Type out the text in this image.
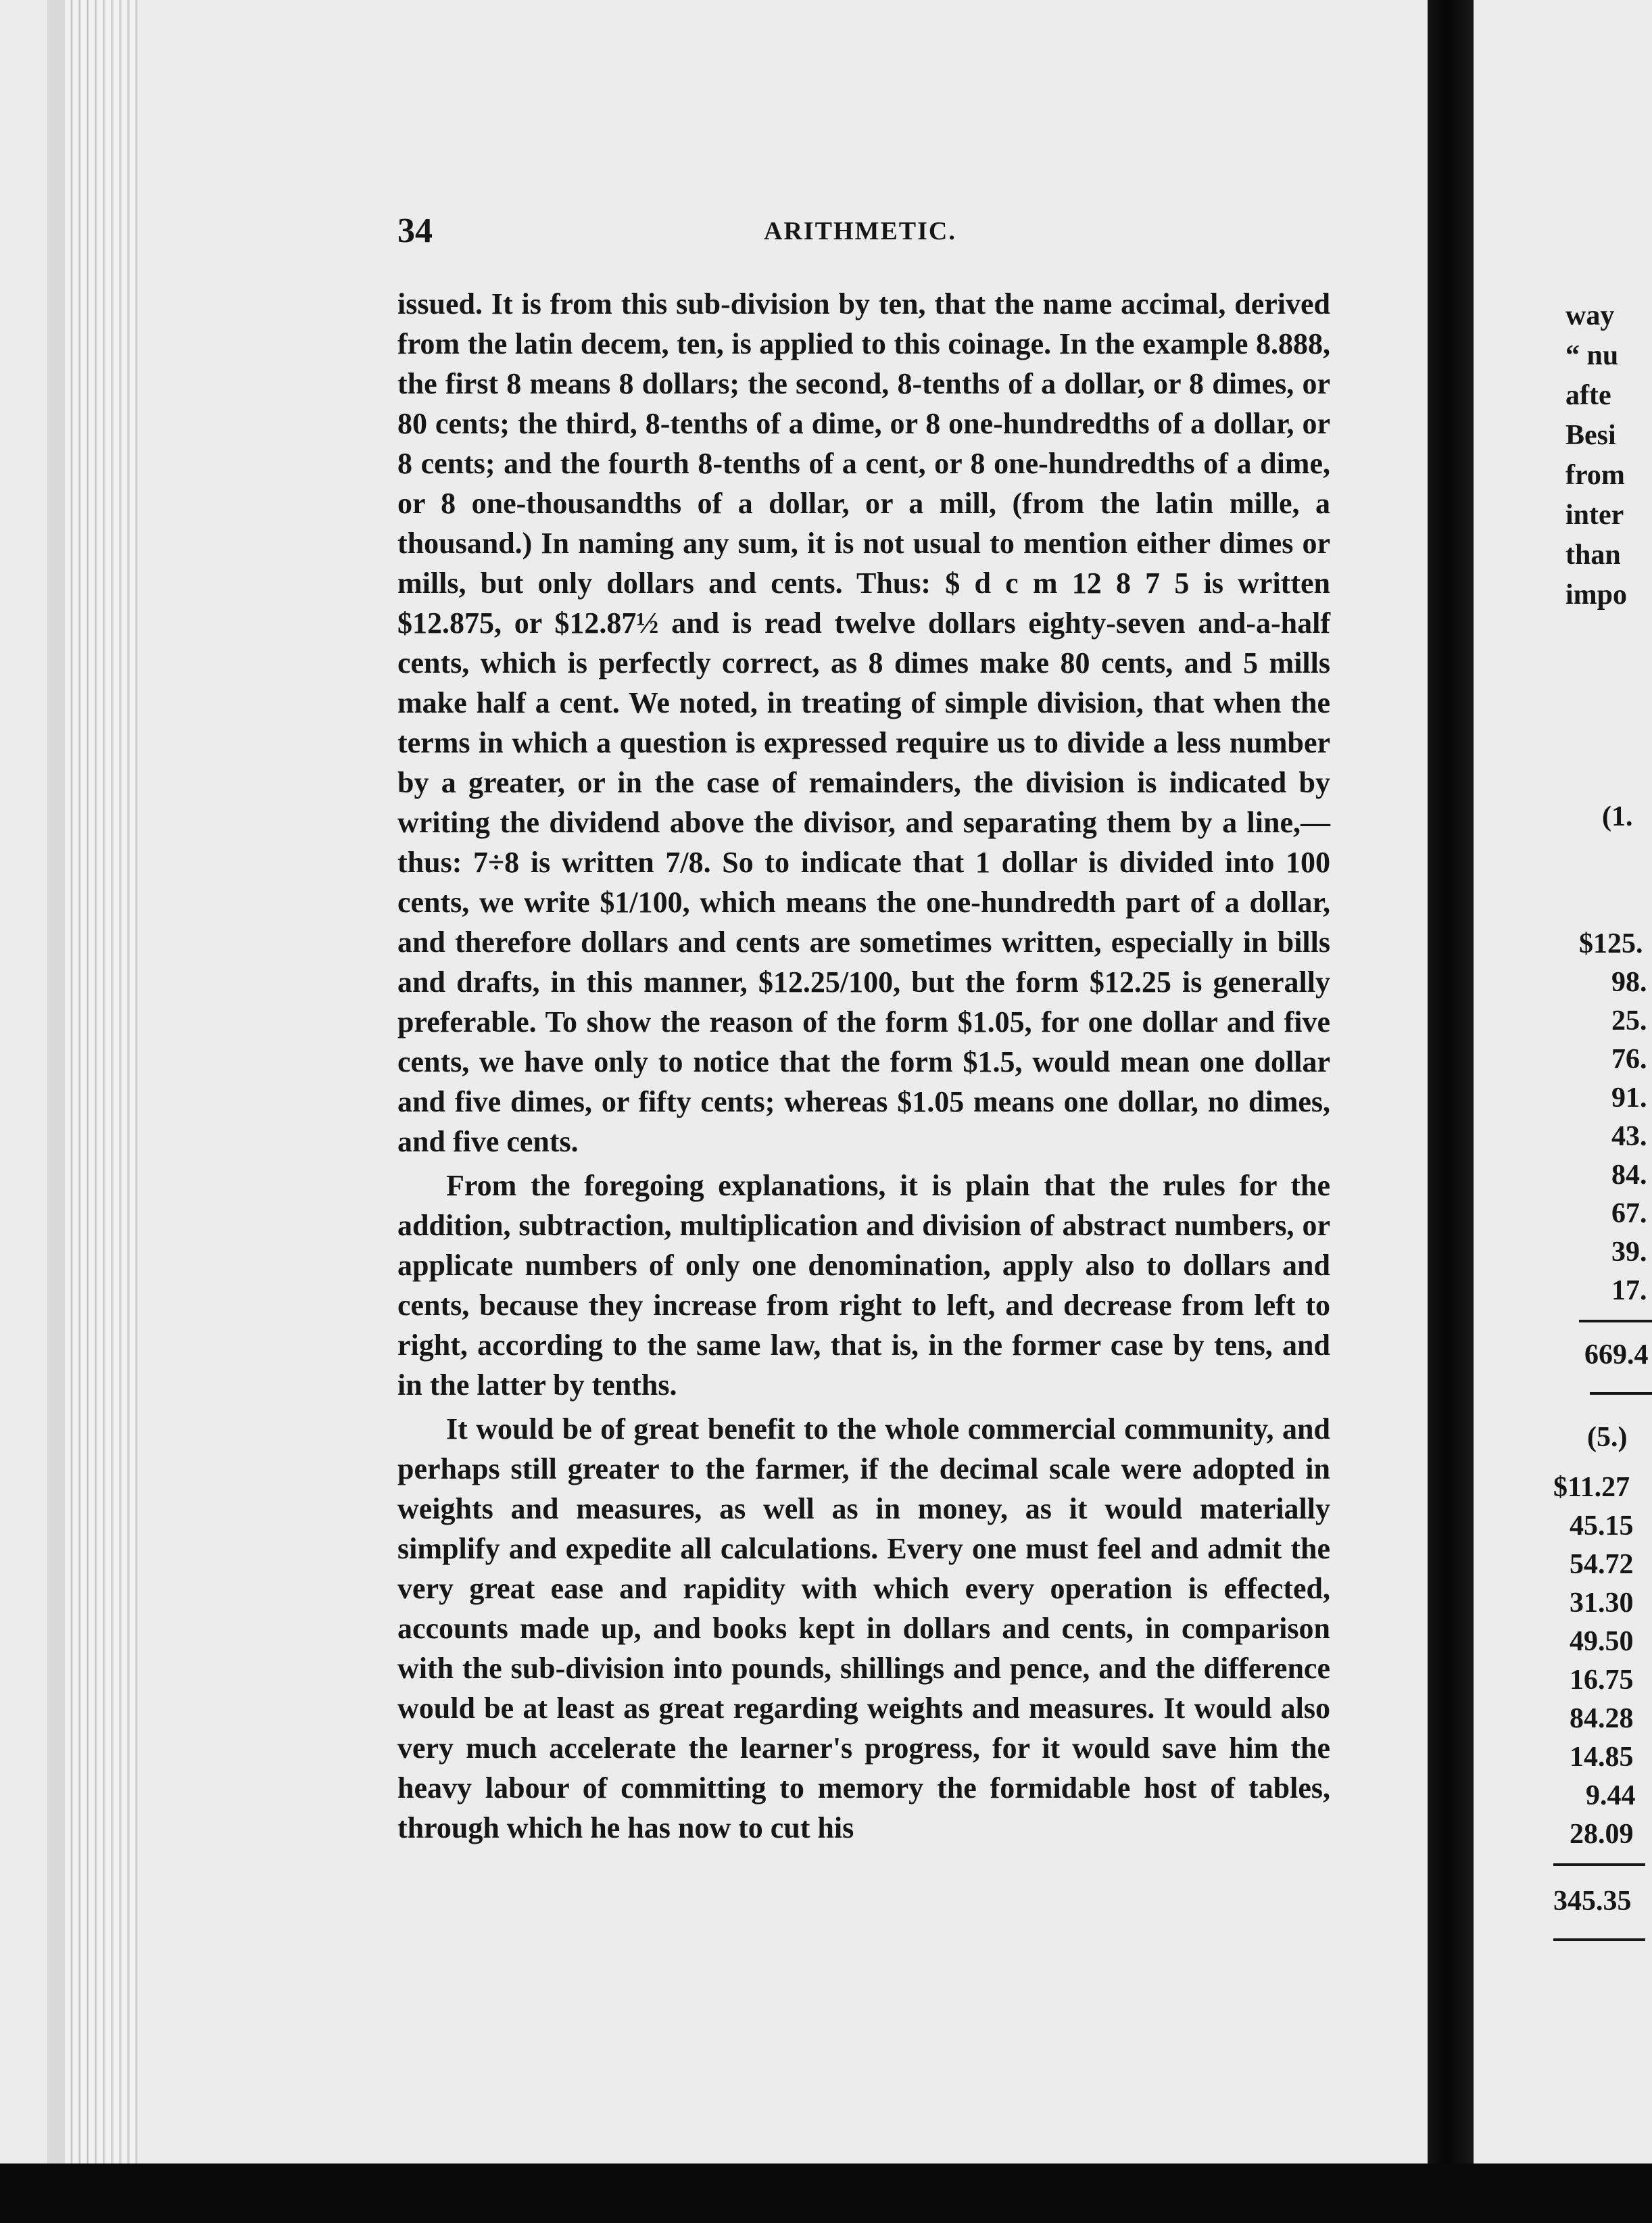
34	ARITHMETIC.

issued. It is from this sub-division by ten, that the name accimal, derived from the latin decem, ten, is applied to this coinage. In the example 8.888, the first 8 means 8 dollars; the second, 8-tenths of a dollar, or 8 dimes, or 80 cents; the third, 8-tenths of a dime, or 8 one-hundredths of a dollar, or 8 cents; and the fourth 8-tenths of a cent, or 8 one-hundredths of a dime, or 8 one-thousandths of a dollar, or a mill, (from the latin mille, a thousand.) In naming any sum, it is not usual to mention either dimes or mills, but only dollars and cents. Thus: $ d c m 12 8 7 5 is written $12.875, or $12.87½ and is read twelve dollars eighty-seven and-a-half cents, which is perfectly correct, as 8 dimes make 80 cents, and 5 mills make half a cent. We noted, in treating of simple division, that when the terms in which a question is expressed require us to divide a less number by a greater, or in the case of remainders, the division is indicated by writing the dividend above the divisor, and separating them by a line,—thus: 7÷8 is written 7/8. So to indicate that 1 dollar is divided into 100 cents, we write $1/100, which means the one-hundredth part of a dollar, and therefore dollars and cents are sometimes written, especially in bills and drafts, in this manner, $12.25/100, but the form $12.25 is generally preferable. To show the reason of the form $1.05, for one dollar and five cents, we have only to notice that the form $1.5, would mean one dollar and five dimes, or fifty cents; whereas $1.05 means one dollar, no dimes, and five cents.

From the foregoing explanations, it is plain that the rules for the addition, subtraction, multiplication and division of abstract numbers, or applicate numbers of only one denomination, apply also to dollars and cents, because they increase from right to left, and decrease from left to right, according to the same law, that is, in the former case by tens, and in the latter by tenths.

It would be of great benefit to the whole commercial community, and perhaps still greater to the farmer, if the decimal scale were adopted in weights and measures, as well as in money, as it would materially simplify and expedite all calculations. Every one must feel and admit the very great ease and rapidity with which every operation is effected, accounts made up, and books kept in dollars and cents, in comparison with the sub-division into pounds, shillings and pence, and the difference would be at least as great regarding weights and measures. It would also very much accelerate the learner's progress, for it would save him the heavy labour of committing to memory the formidable host of tables, through which he has now to cut his

way
“ nu
afte
Besi
from
inter
than
impo
(1.
$125.
98.
25.
76.
91.
43.
84.
67.
39.
17.
669.4
(5.)
$11.27
45.15
54.72
31.30
49.50
16.75
84.28
14.85
9.44
28.09
345.35
